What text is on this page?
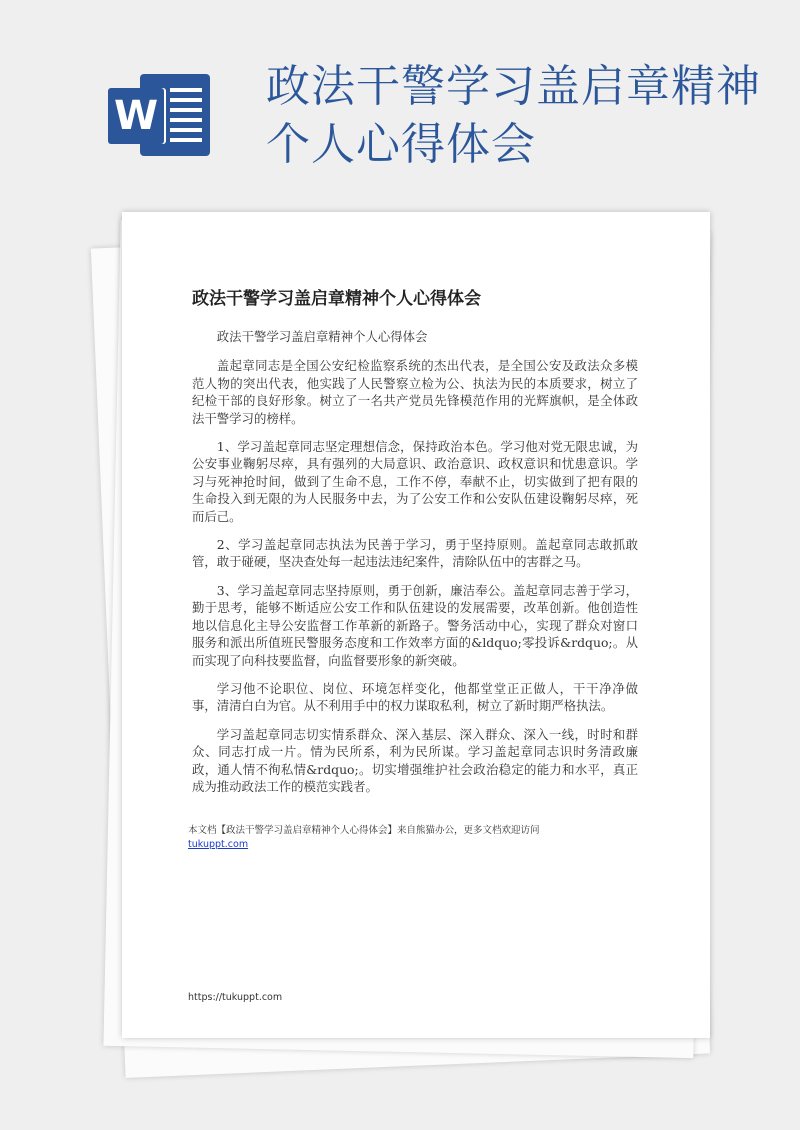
W
政法干警学习盖启章精神个人心得体会
政法干警学习盖启章精神个人心得体会

政法干警学习盖启章精神个人心得体会

盖起章同志是全国公安纪检监察系统的杰出代表，是全国公安及政法众多模范人物的突出代表，他实践了人民警察立检为公、执法为民的本质要求，树立了纪检干部的良好形象。树立了一名共产党员先锋模范作用的光辉旗帜，是全体政法干警学习的榜样。

1、学习盖起章同志坚定理想信念，保持政治本色。学习他对党无限忠诚，为公安事业鞠躬尽瘁，具有强列的大局意识、政治意识、政权意识和忧患意识。学习与死神抢时间，做到了生命不息，工作不停，奉献不止，切实做到了把有限的生命投入到无限的为人民服务中去，为了公安工作和公安队伍建设鞠躬尽瘁，死而后己。

2、学习盖起章同志执法为民善于学习，勇于坚持原则。盖起章同志敢抓敢管，敢于碰硬，坚决查处每一起违法违纪案件，清除队伍中的害群之马。

3、学习盖起章同志坚持原则，勇于创新，廉洁奉公。盖起章同志善于学习，勤于思考，能够不断适应公安工作和队伍建设的发展需要，改革创新。他创造性地以信息化主导公安监督工作革新的新路子。警务活动中心，实现了群众对窗口服务和派出所值班民警服务态度和工作效率方面的&ldquo;零投诉&rdquo;。从而实现了向科技要监督，向监督要形象的新突破。

学习他不论职位、岗位、环境怎样变化，他都堂堂正正做人，干干净净做事，清清白白为官。从不利用手中的权力谋取私利，树立了新时期严格执法。

学习盖起章同志切实情系群众、深入基层、深入群众、深入一线，时时和群众、同志打成一片。情为民所系，利为民所谋。学习盖起章同志识时务清政廉政，通人情不徇私情&rdquo;。切实增强维护社会政治稳定的能力和水平，真正成为推动政法工作的模范实践者。

本文档【政法干警学习盖启章精神个人心得体会】来自熊猫办公，更多文档欢迎访问
tukuppt.com
https://tukuppt.com
